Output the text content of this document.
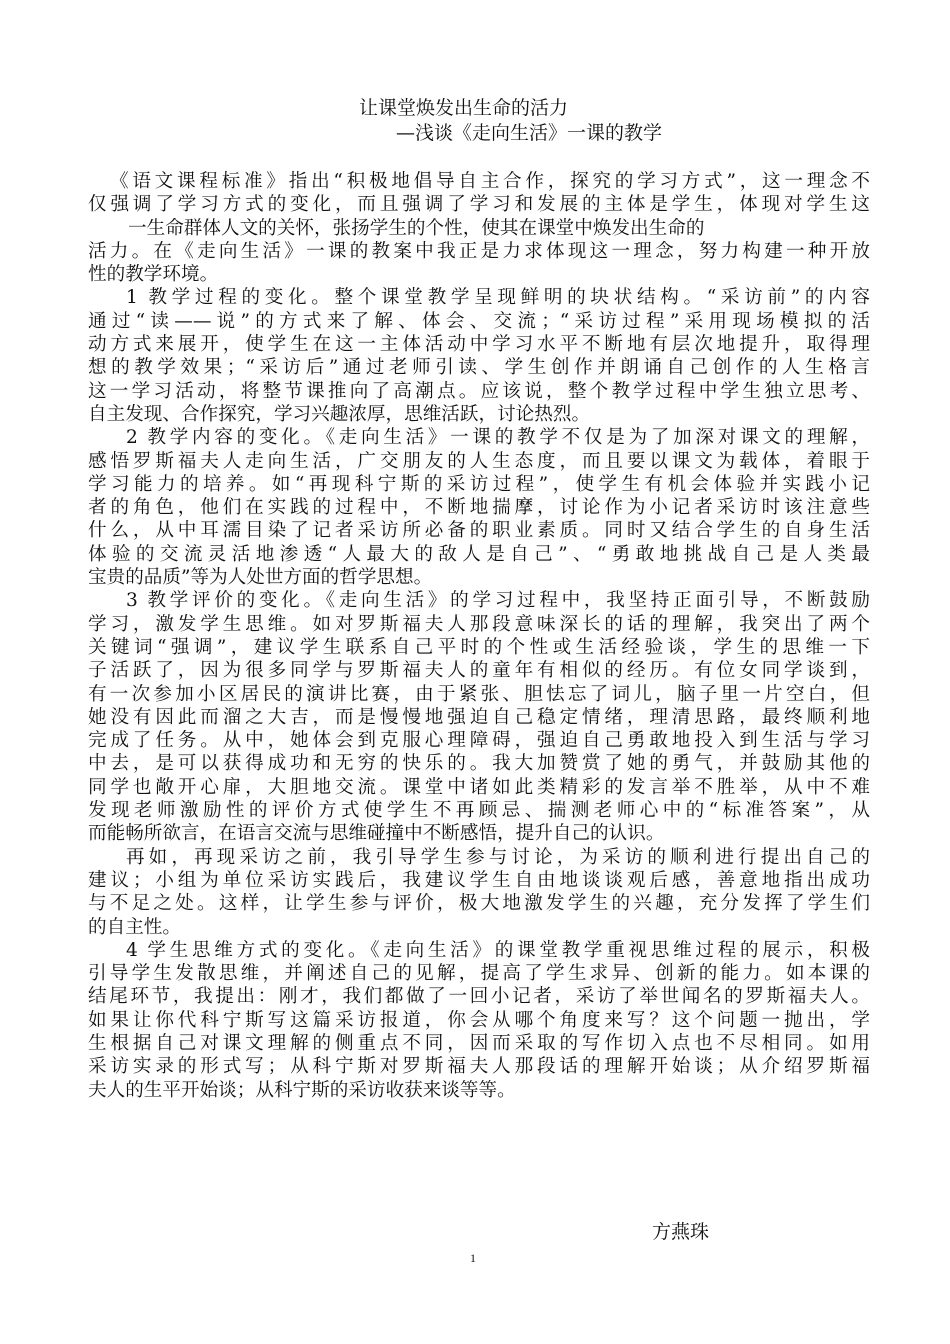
让课堂焕发出生命的活力
—浅谈《走向生活》一课的教学
《语文课程标准》指出“积极地倡导自主合作，探究的学习方式”，这一理念不
仅强调了学习方式的变化，而且强调了学习和发展的主体是学生，体现对学生这
一生命群体人文的关怀，张扬学生的个性，使其在课堂中焕发出生命的
活力。在《走向生活》一课的教案中我正是力求体现这一理念，努力构建一种开放
性的教学环境。
1 教学过程的变化。整个课堂教学呈现鲜明的块状结构。“采访前”的内容
通过“读——说”的方式来了解、体会、交流；“采访过程”采用现场模拟的活
动方式来展开，使学生在这一主体活动中学习水平不断地有层次地提升，取得理
想的教学效果；“采访后”通过老师引读、学生创作并朗诵自己创作的人生格言
这一学习活动，将整节课推向了高潮点。应该说，整个教学过程中学生独立思考、
自主发现、合作探究，学习兴趣浓厚，思维活跃，讨论热烈。
2 教学内容的变化。《走向生活》一课的教学不仅是为了加深对课文的理解，
感悟罗斯福夫人走向生活，广交朋友的人生态度，而且要以课文为载体，着眼于
学习能力的培养。如“再现科宁斯的采访过程”，使学生有机会体验并实践小记
者的角色，他们在实践的过程中，不断地揣摩，讨论作为小记者采访时该注意些
什么，从中耳濡目染了记者采访所必备的职业素质。同时又结合学生的自身生活
体验的交流灵活地渗透“人最大的敌人是自己”、“勇敢地挑战自己是人类最
宝贵的品质”等为人处世方面的哲学思想。
3 教学评价的变化。《走向生活》的学习过程中，我坚持正面引导，不断鼓励
学习，激发学生思维。如对罗斯福夫人那段意味深长的话的理解，我突出了两个
关键词“强调”，建议学生联系自己平时的个性或生活经验谈，学生的思维一下
子活跃了，因为很多同学与罗斯福夫人的童年有相似的经历。有位女同学谈到，
有一次参加小区居民的演讲比赛，由于紧张、胆怯忘了词儿，脑子里一片空白，但
她没有因此而溜之大吉，而是慢慢地强迫自己稳定情绪，理清思路，最终顺利地
完成了任务。从中，她体会到克服心理障碍，强迫自己勇敢地投入到生活与学习
中去，是可以获得成功和无穷的快乐的。我大加赞赏了她的勇气，并鼓励其他的
同学也敞开心扉，大胆地交流。课堂中诸如此类精彩的发言举不胜举，从中不难
发现老师激励性的评价方式使学生不再顾忌、揣测老师心中的“标准答案”，从
而能畅所欲言，在语言交流与思维碰撞中不断感悟，提升自己的认识。
再如，再现采访之前，我引导学生参与讨论，为采访的顺利进行提出自己的
建议；小组为单位采访实践后，我建议学生自由地谈谈观后感，善意地指出成功
与不足之处。这样，让学生参与评价，极大地激发学生的兴趣，充分发挥了学生们
的自主性。
4 学生思维方式的变化。《走向生活》的课堂教学重视思维过程的展示，积极
引导学生发散思维，并阐述自己的见解，提高了学生求异、创新的能力。如本课的
结尾环节，我提出：刚才，我们都做了一回小记者，采访了举世闻名的罗斯福夫人。
如果让你代科宁斯写这篇采访报道，你会从哪个角度来写？这个问题一抛出，学
生根据自己对课文理解的侧重点不同，因而采取的写作切入点也不尽相同。如用
采访实录的形式写；从科宁斯对罗斯福夫人那段话的理解开始谈；从介绍罗斯福
夫人的生平开始谈；从科宁斯的采访收获来谈等等。
方燕珠
1
